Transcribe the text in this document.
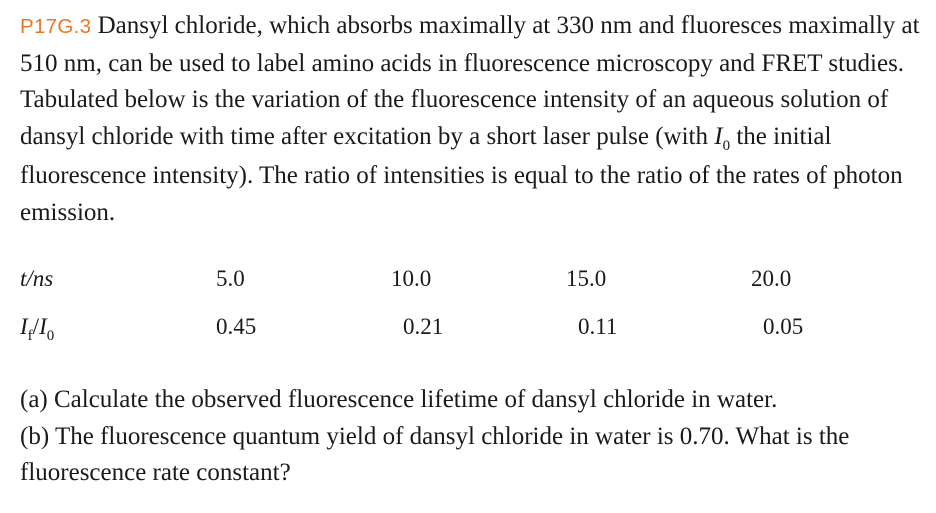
P17G.3 Dansyl chloride, which absorbs maximally at 330 nm and fluoresces maximally at 510 nm, can be used to label amino acids in fluorescence microscopy and FRET studies. Tabulated below is the variation of the fluorescence intensity of an aqueous solution of dansyl chloride with time after excitation by a short laser pulse (with $I_0$ the initial fluorescence intensity). The ratio of intensities is equal to the ratio of the rates of photon emission.
t/ns	5.0	10.0	15.0	20.0
$I_f/I_0$	0.45	0.21	0.11	0.05

(a) Calculate the observed fluorescence lifetime of dansyl chloride in water.

(b) The fluorescence quantum yield of dansyl chloride in water is 0.70. What is the fluorescence rate constant?
